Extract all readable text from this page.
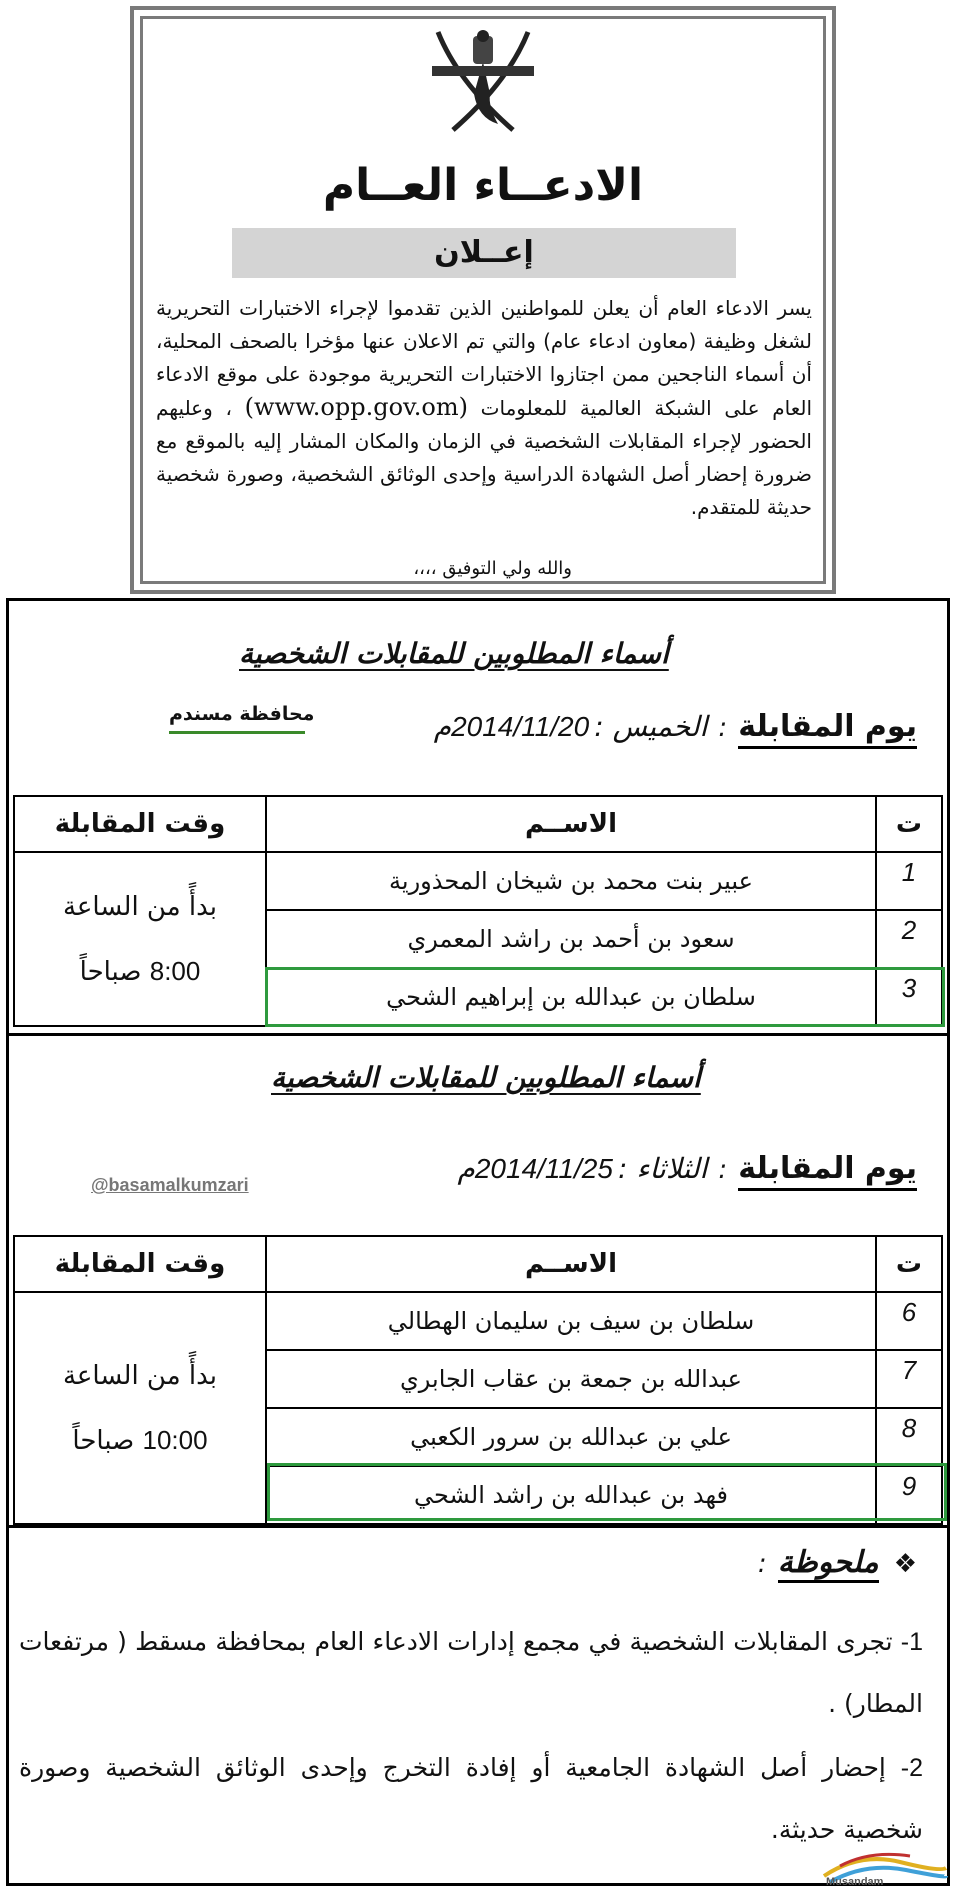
الادعــاء العــام
إعــلان
يسر الادعاء العام أن يعلن للمواطنين الذين تقدموا لإجراء الاختبارات التحريرية لشغل وظيفة (معاون ادعاء عام) والتي تم الاعلان عنها مؤخرا بالصحف المحلية، أن أسماء الناجحين ممن اجتازوا الاختبارات التحريرية موجودة على موقع الادعاء العام على الشبكة العالمية للمعلومات (www.opp.gov.om) ، وعليهم الحضور لإجراء المقابلات الشخصية في الزمان والمكان المشار إليه بالموقع مع ضرورة إحضار أصل الشهادة الدراسية وإحدى الوثائق الشخصية، وصورة شخصية حديثة للمتقدم.
والله ولي التوفيق ،،،،
أسماء المطلوبين للمقابلات الشخصية
محافظة مسندم	يوم المقابلة : الخميس : 2014/11/20م
ت	الاســم	وقت المقابلة
1	عبير بنت محمد بن شيخان المحذورية	بدأً من الساعة
8:00 صباحاً

2	سعود بن أحمد بن راشد المعمري	
3	سلطان بن عبدالله بن إبراهيم الشحي	
أسماء المطلوبين للمقابلات الشخصية
@basamalkumzari	يوم المقابلة : الثلاثاء : 2014/11/25م
ت	الاســم	وقت المقابلة
6	سلطان بن سيف بن سليمان الهطالي	بدأً من الساعة
10:00 صباحاً

7	عبدالله بن جمعة بن عقاب الجابري	
8	علي بن عبدالله بن سرور الكعبي	
9	فهد بن عبدالله بن راشد الشحي	
❖ ملحوظة :
1- تجرى المقابلات الشخصية في مجمع إدارات الادعاء العام بمحافظة مسقط ( مرتفعات المطار) .
2- إحضار أصل الشهادة الجامعية أو إفادة التخرج وإحدى الوثائق الشخصية وصورة شخصية حديثة.
Musandam
